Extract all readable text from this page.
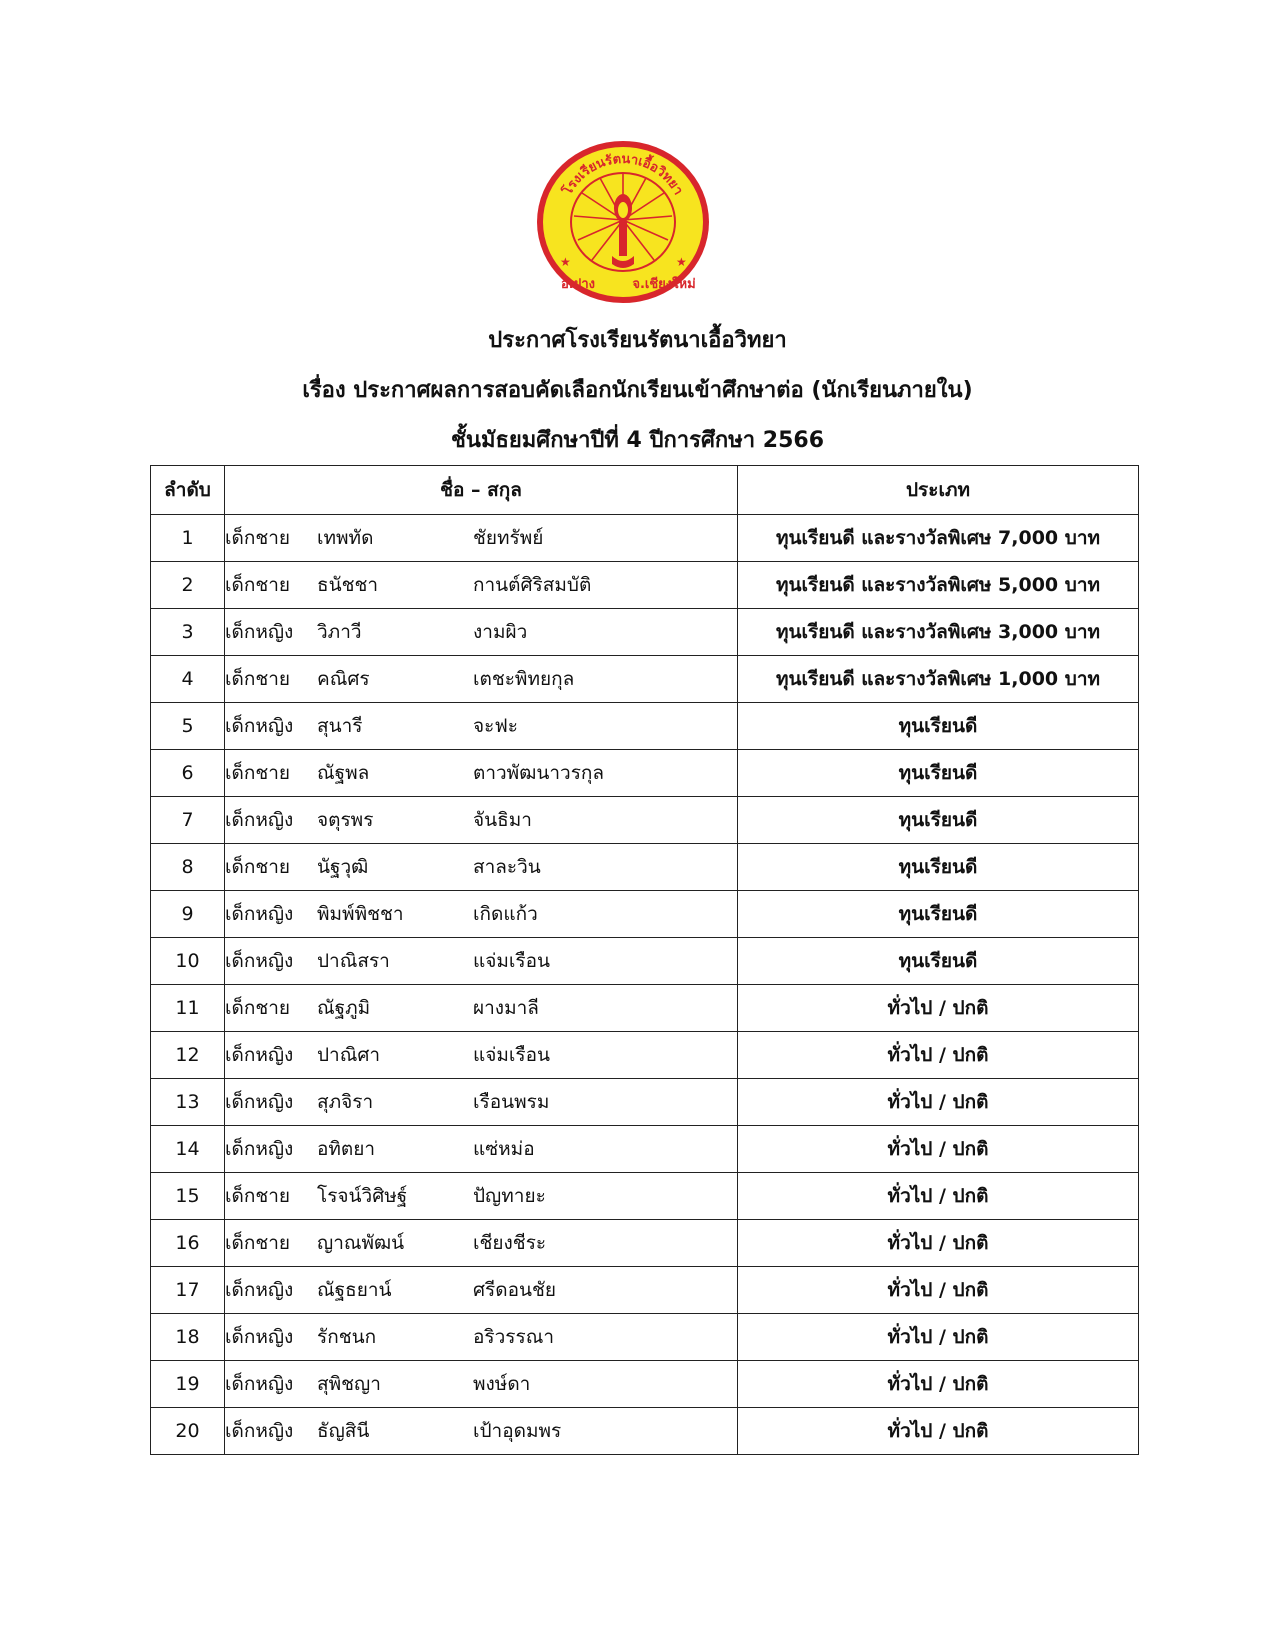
โรงเรียนรัตนาเอื้อวิทยา
อ.ฝาง	จ.เชียงใหม่
★	★

ประกาศโรงเรียนรัตนาเอื้อวิทยา

เรื่อง ประกาศผลการสอบคัดเลือกนักเรียนเข้าศึกษาต่อ (นักเรียนภายใน)

ชั้นมัธยมศึกษาปีที่ 4 ปีการศึกษา 2566

ลำดับ	ชื่อ – สกุล	ประเภท
1	เด็กชาย เทพทัด ชัยทรัพย์	ทุนเรียนดี และรางวัลพิเศษ 7,000 บาท
2	เด็กชาย ธนัชชา กานต์ศิริสมบัติ	ทุนเรียนดี และรางวัลพิเศษ 5,000 บาท
3	เด็กหญิง วิภาวี งามผิว	ทุนเรียนดี และรางวัลพิเศษ 3,000 บาท
4	เด็กชาย คณิศร เตชะพิทยกุล	ทุนเรียนดี และรางวัลพิเศษ 1,000 บาท
5	เด็กหญิง สุนารี จะฟะ	ทุนเรียนดี
6	เด็กชาย ณัฐพล ตาวพัฒนาวรกุล	ทุนเรียนดี
7	เด็กหญิง จตุรพร จันธิมา	ทุนเรียนดี
8	เด็กชาย นัฐวุฒิ สาละวิน	ทุนเรียนดี
9	เด็กหญิง พิมพ์พิชชา เกิดแก้ว	ทุนเรียนดี
10	เด็กหญิง ปาณิสรา แจ่มเรือน	ทุนเรียนดี
11	เด็กชาย ณัฐภูมิ ผางมาลี	ทั่วไป / ปกติ
12	เด็กหญิง ปาณิศา แจ่มเรือน	ทั่วไป / ปกติ
13	เด็กหญิง สุภจิรา เรือนพรม	ทั่วไป / ปกติ
14	เด็กหญิง อทิตยา แซ่หม่อ	ทั่วไป / ปกติ
15	เด็กชาย โรจน์วิศิษฐ์ ปัญทายะ	ทั่วไป / ปกติ
16	เด็กชาย ญาณพัฒน์ เชียงชีระ	ทั่วไป / ปกติ
17	เด็กหญิง ณัฐธยาน์ ศรีดอนชัย	ทั่วไป / ปกติ
18	เด็กหญิง รักชนก อริวรรณา	ทั่วไป / ปกติ
19	เด็กหญิง สุพิชญา พงษ์ดา	ทั่วไป / ปกติ
20	เด็กหญิง ธัญสินี เป้าอุดมพร	ทั่วไป / ปกติ
